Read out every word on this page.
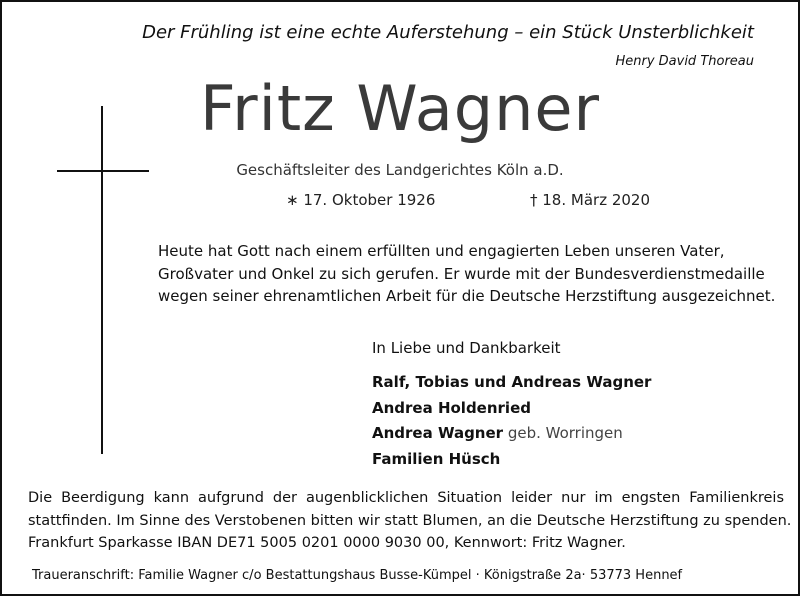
Der Frühling ist eine echte Auferstehung – ein Stück Unsterblichkeit
Henry David Thoreau
Fritz Wagner
Geschäftsleiter des Landgerichtes Köln a.D.
∗ 17. Oktober 1926	† 18. März 2020
Heute hat Gott nach einem erfüllten und engagierten Leben unseren Vater,
Großvater und Onkel zu sich gerufen. Er wurde mit der Bundesverdienstmedaille
wegen seiner ehrenamtlichen Arbeit für die Deutsche Herzstiftung ausgezeichnet.
In Liebe und Dankbarkeit
Ralf, Tobias und Andreas Wagner
Andrea Holdenried
Andrea Wagner geb. Worringen
Familien Hüsch
Die Beerdigung kann aufgrund der augenblicklichen Situation leider nur im engsten Familienkreis
stattfinden. Im Sinne des Verstobenen bitten wir statt Blumen, an die Deutsche Herzstiftung zu spenden.
Frankfurt Sparkasse IBAN DE71 5005 0201 0000 9030 00, Kennwort: Fritz Wagner.
Traueranschrift: Familie Wagner c/o Bestattungshaus Busse-Kümpel · Königstraße 2a· 53773 Hennef
